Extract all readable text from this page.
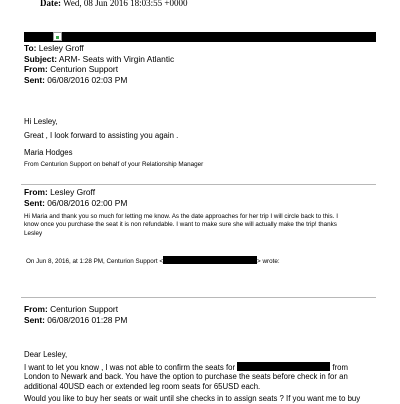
Date: Wed, 08 Jun 2016 18:03:55 +0000
To: Lesley Groff
Subject: ARM- Seats with Virgin Atlantic
From: Centurion Support
Sent: 06/08/2016 02:03 PM
Hi Lesley,
Great , I look forward to assisting you again .
Maria Hodges
From Centurion Support on behalf of your Relationship Manager
From: Lesley Groff
Sent: 06/08/2016 02:00 PM
Hi Maria and thank you so much for letting me know. As the date approaches for her trip I will circle back to this. I
know once you purchase the seat it is non refundable. I want to make sure she will actually make the trip! thanks
Lesley
On Jun 8, 2016, at 1:28 PM, Centurion Support <	> wrote:
From: Centurion Support
Sent: 06/08/2016 01:28 PM
Dear Lesley,
I want to let you know , I was not able to confirm the seats for	from
London to Newark and back. You have the option to purchase the seats before check in for an
additional 40USD each or extended leg room seats for 65USD each.
Would you like to buy her seats or wait until she checks in to assign seats ? If you want me to buy
